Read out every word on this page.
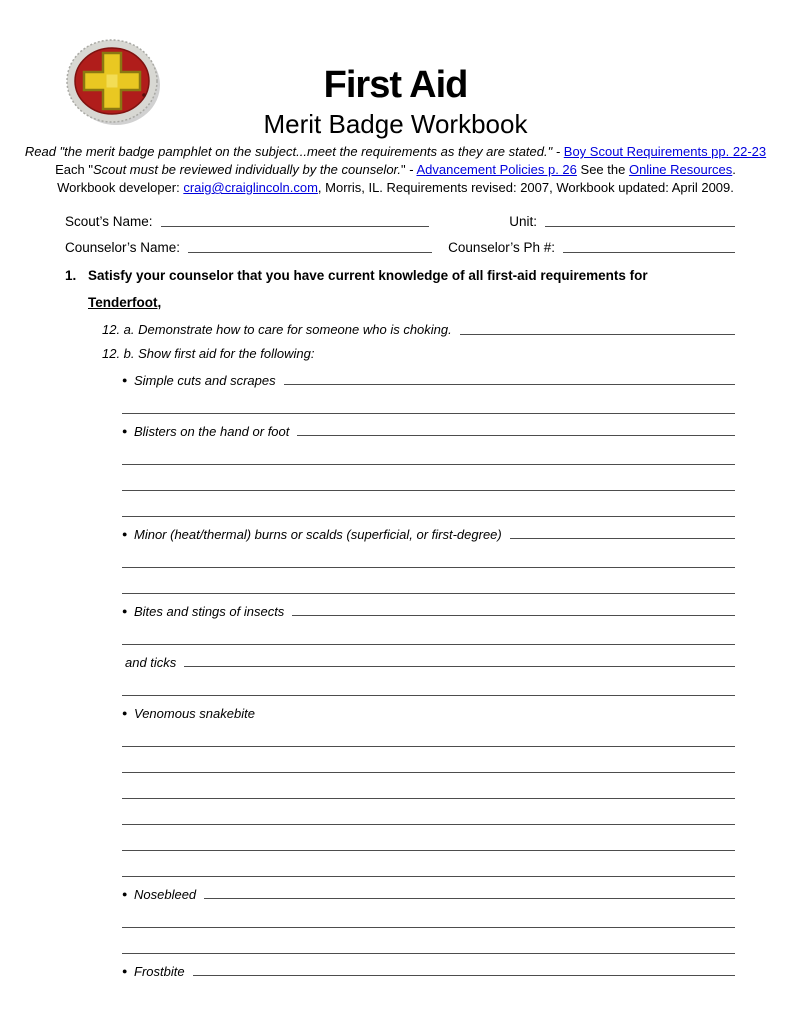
First Aid
Merit Badge Workbook
Read "the merit badge pamphlet on the subject...meet the requirements as they are stated." - Boy Scout Requirements pp. 22-23
Each "Scout must be reviewed individually by the counselor." - Advancement Policies p. 26 See the Online Resources.
Workbook developer: craig@craiglincoln.com, Morris, IL. Requirements revised: 2007, Workbook updated: April 2009.
Scout’s Name:	Unit:
Counselor’s Name:	Counselor’s Ph #:
1. Satisfy your counselor that you have current knowledge of all first-aid requirements for
Tenderfoot,
12. a. Demonstrate how to care for someone who is choking.
12. b. Show first aid for the following:
● Simple cuts and scrapes
● Blisters on the hand or foot
● Minor (heat/thermal) burns or scalds (superficial, or first-degree)
● Bites and stings of insects
and ticks
● Venomous snakebite
● Nosebleed
● Frostbite
